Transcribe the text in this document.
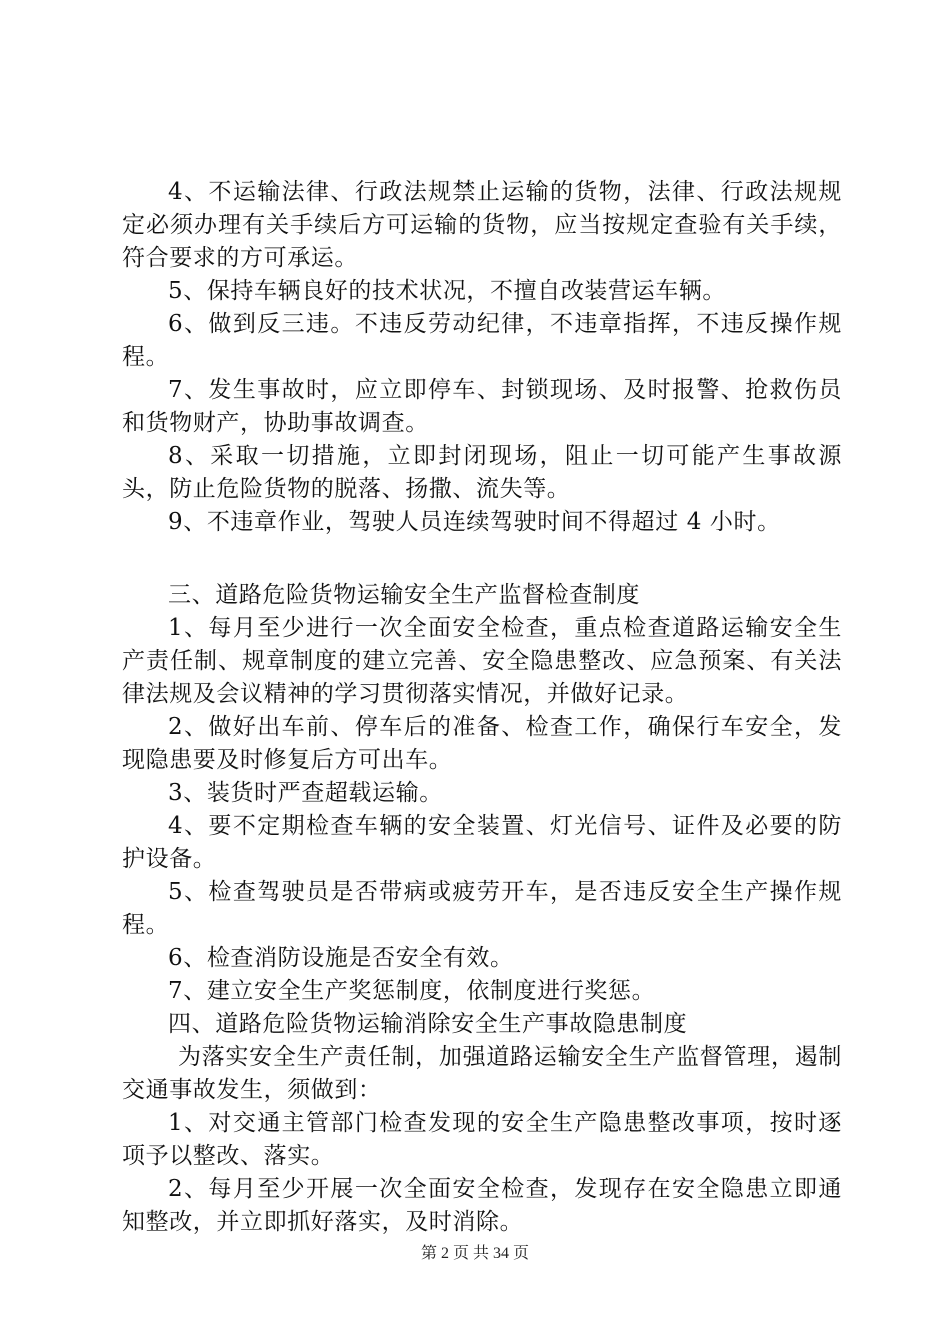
4、不运输法律、行政法规禁止运输的货物，法律、行政法规规定必须办理有关手续后方可运输的货物，应当按规定查验有关手续，符合要求的方可承运。

5、保持车辆良好的技术状况，不擅自改装营运车辆。

6、做到反三违。不违反劳动纪律，不违章指挥，不违反操作规程。

7、发生事故时，应立即停车、封锁现场、及时报警、抢救伤员和货物财产，协助事故调查。

8、采取一切措施，立即封闭现场，阻止一切可能产生事故源头，防止危险货物的脱落、扬撒、流失等。

9、不违章作业，驾驶人员连续驾驶时间不得超过 4 小时。

三、道路危险货物运输安全生产监督检查制度

1、每月至少进行一次全面安全检查，重点检查道路运输安全生产责任制、规章制度的建立完善、安全隐患整改、应急预案、有关法律法规及会议精神的学习贯彻落实情况，并做好记录。

2、做好出车前、停车后的准备、检查工作，确保行车安全，发现隐患要及时修复后方可出车。

3、装货时严查超载运输。

4、要不定期检查车辆的安全装置、灯光信号、证件及必要的防护设备。

5、检查驾驶员是否带病或疲劳开车，是否违反安全生产操作规程。

6、检查消防设施是否安全有效。

7、建立安全生产奖惩制度，依制度进行奖惩。

四、道路危险货物运输消除安全生产事故隐患制度

为落实安全生产责任制，加强道路运输安全生产监督管理，遏制交通事故发生，须做到：

1、对交通主管部门检查发现的安全生产隐患整改事项，按时逐项予以整改、落实。

2、每月至少开展一次全面安全检查，发现存在安全隐患立即通知整改，并立即抓好落实，及时消除。

第 2 页 共 34 页
